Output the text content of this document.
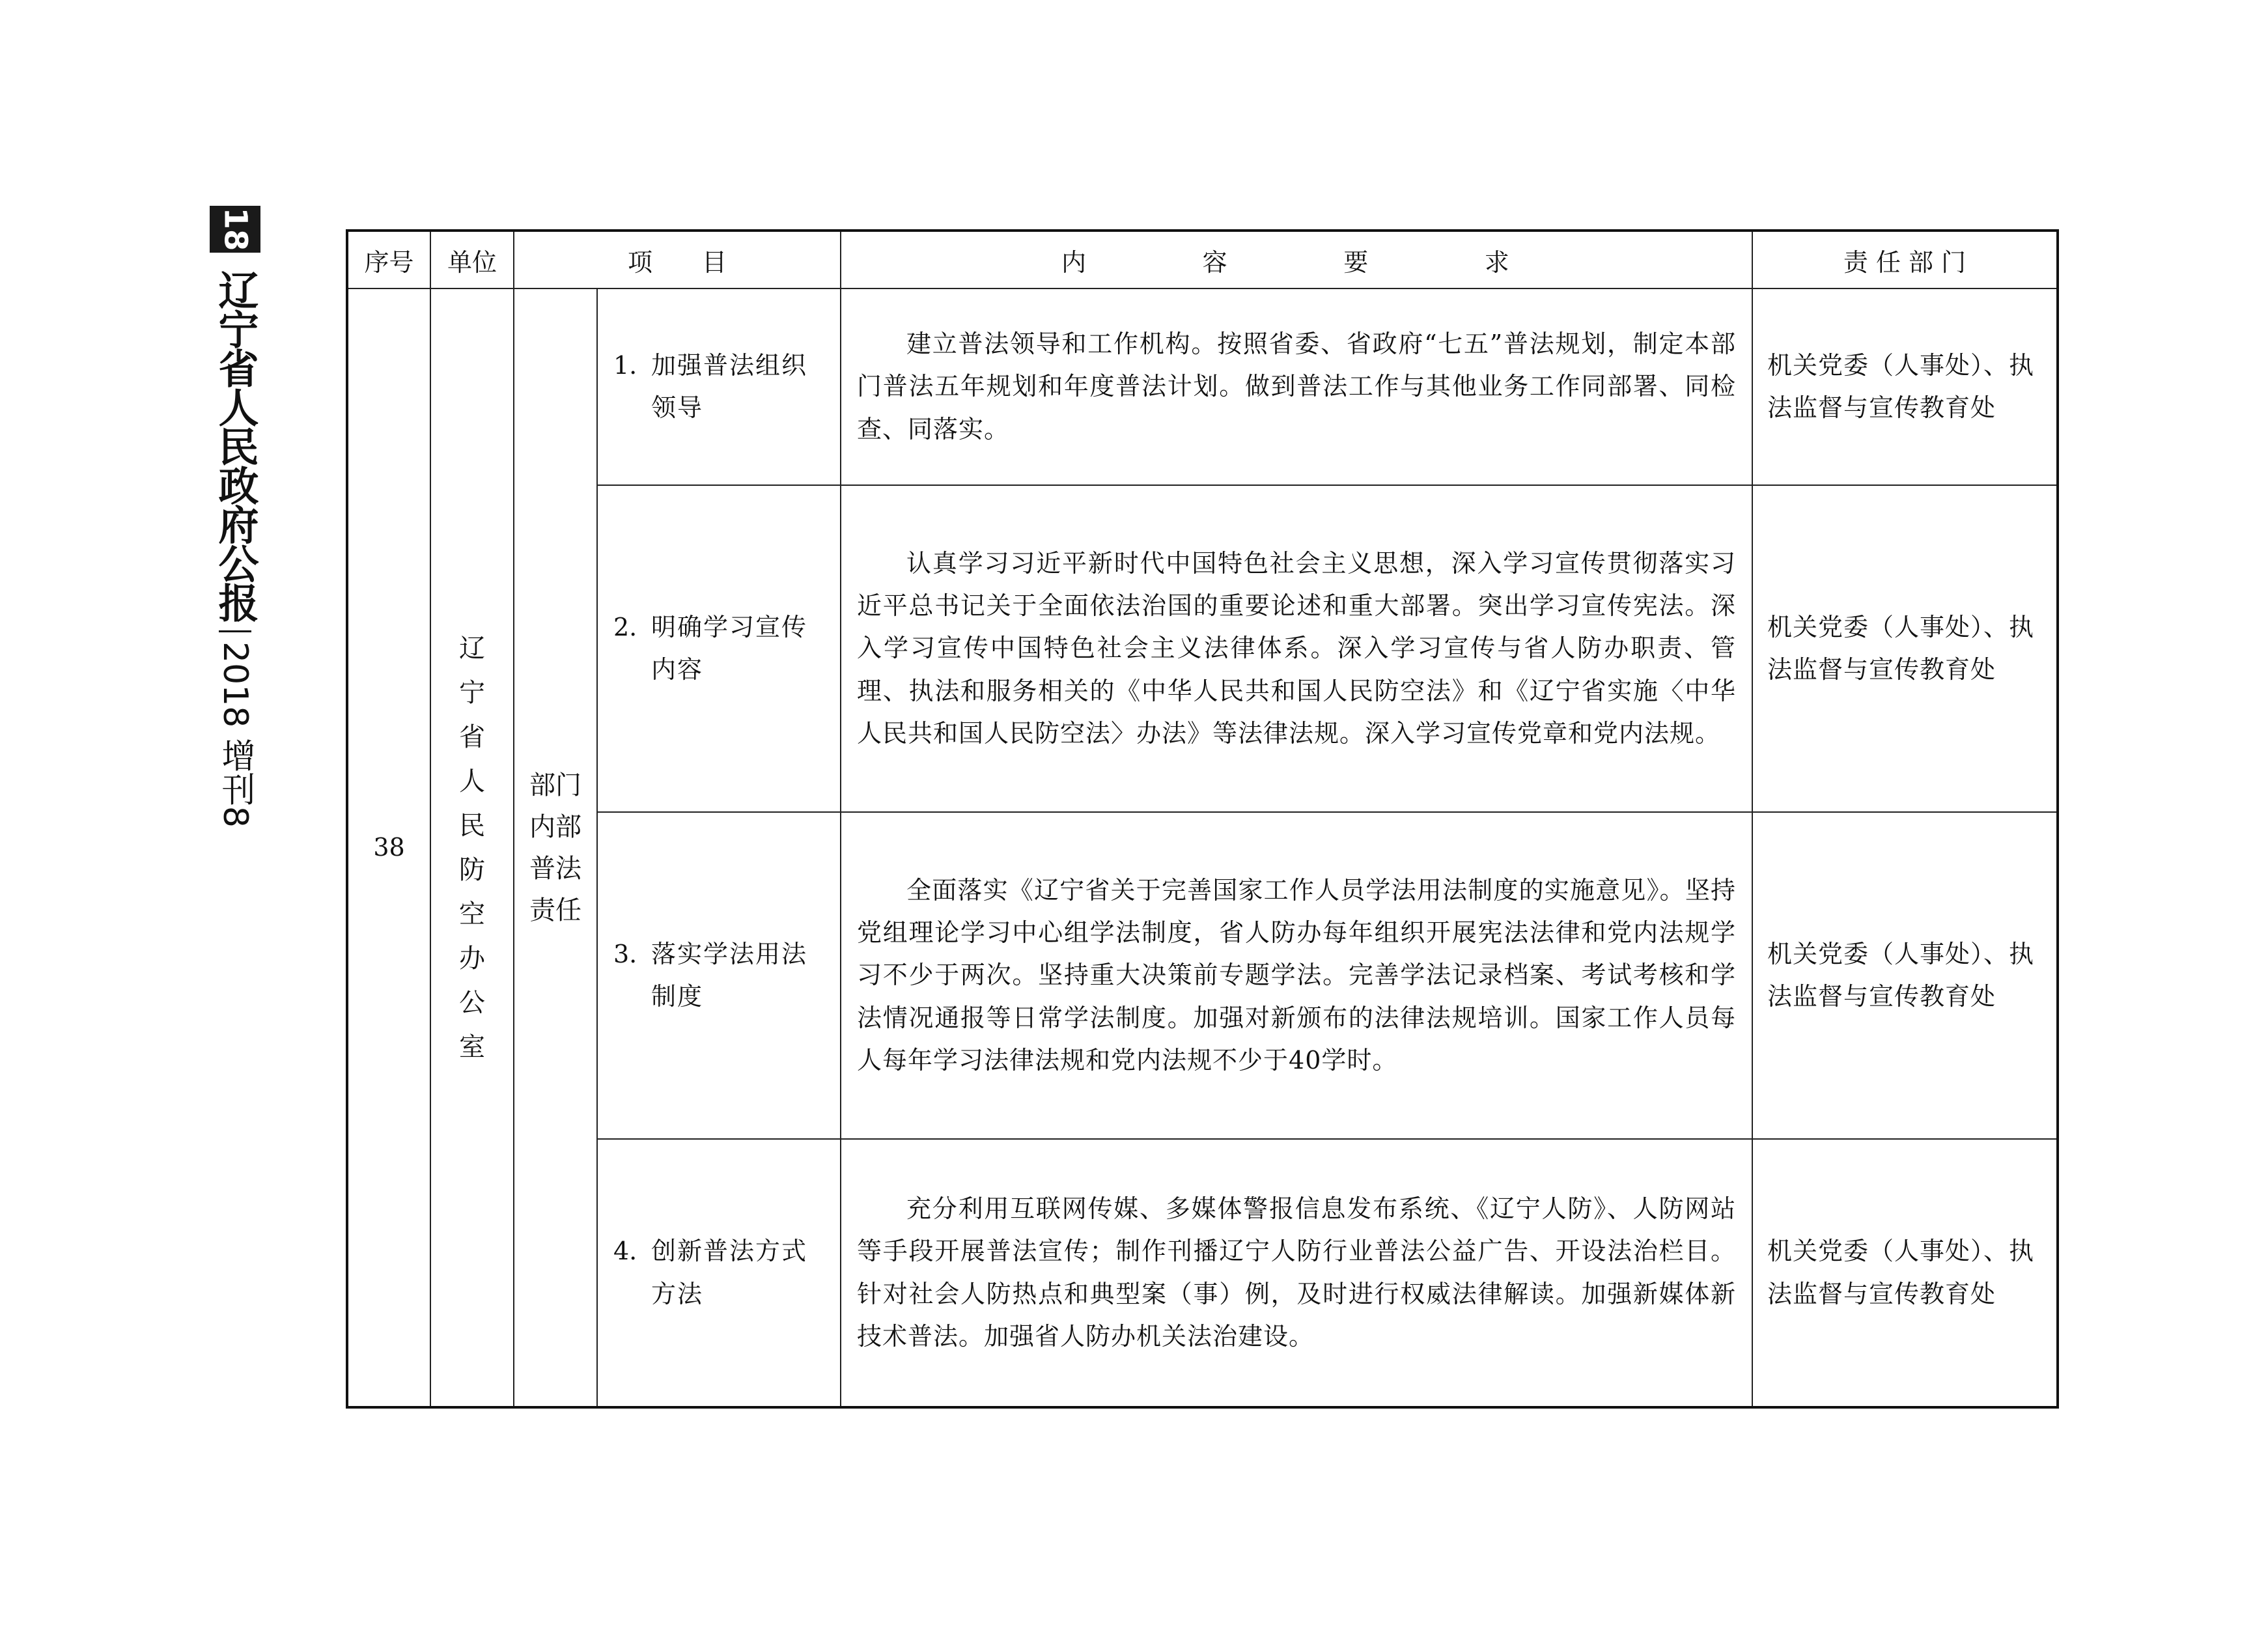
18
辽宁省人民政府公报
2018 增刊8
序号	单位	项　　目		内　　容　　要　　求	责 任 部 门
38	辽宁省人民防空办公室	部门内部普法责任	1. 加强普法组织领导	建立普法领导和工作机构。按照省委、省政府“七五”普法规划，制定本部门普法五年规划和年度普法计划。做到普法工作与其他业务工作同部署、同检查、同落实。	机关党委（人事处）、执法监督与宣传教育处

			2. 明确学习宣传内容	认真学习习近平新时代中国特色社会主义思想，深入学习宣传贯彻落实习近平总书记关于全面依法治国的重要论述和重大部署。突出学习宣传宪法。深入学习宣传中国特色社会主义法律体系。深入学习宣传与省人防办职责、管理、执法和服务相关的《中华人民共和国人民防空法》和《辽宁省实施〈中华人民共和国人民防空法〉办法》等法律法规。深入学习宣传党章和党内法规。	机关党委（人事处）、执法监督与宣传教育处

			3. 落实学法用法制度	全面落实《辽宁省关于完善国家工作人员学法用法制度的实施意见》。坚持党组理论学习中心组学法制度，省人防办每年组织开展宪法法律和党内法规学习不少于两次。坚持重大决策前专题学法。完善学法记录档案、考试考核和学法情况通报等日常学法制度。加强对新颁布的法律法规培训。国家工作人员每人每年学习法律法规和党内法规不少于40学时。	机关党委（人事处）、执法监督与宣传教育处

			4. 创新普法方式方法	充分利用互联网传媒、多媒体警报信息发布系统、《辽宁人防》、人防网站等手段开展普法宣传；制作刊播辽宁人防行业普法公益广告、开设法治栏目。针对社会人防热点和典型案（事）例，及时进行权威法律解读。加强新媒体新技术普法。加强省人防办机关法治建设。	机关党委（人事处）、执法监督与宣传教育处
